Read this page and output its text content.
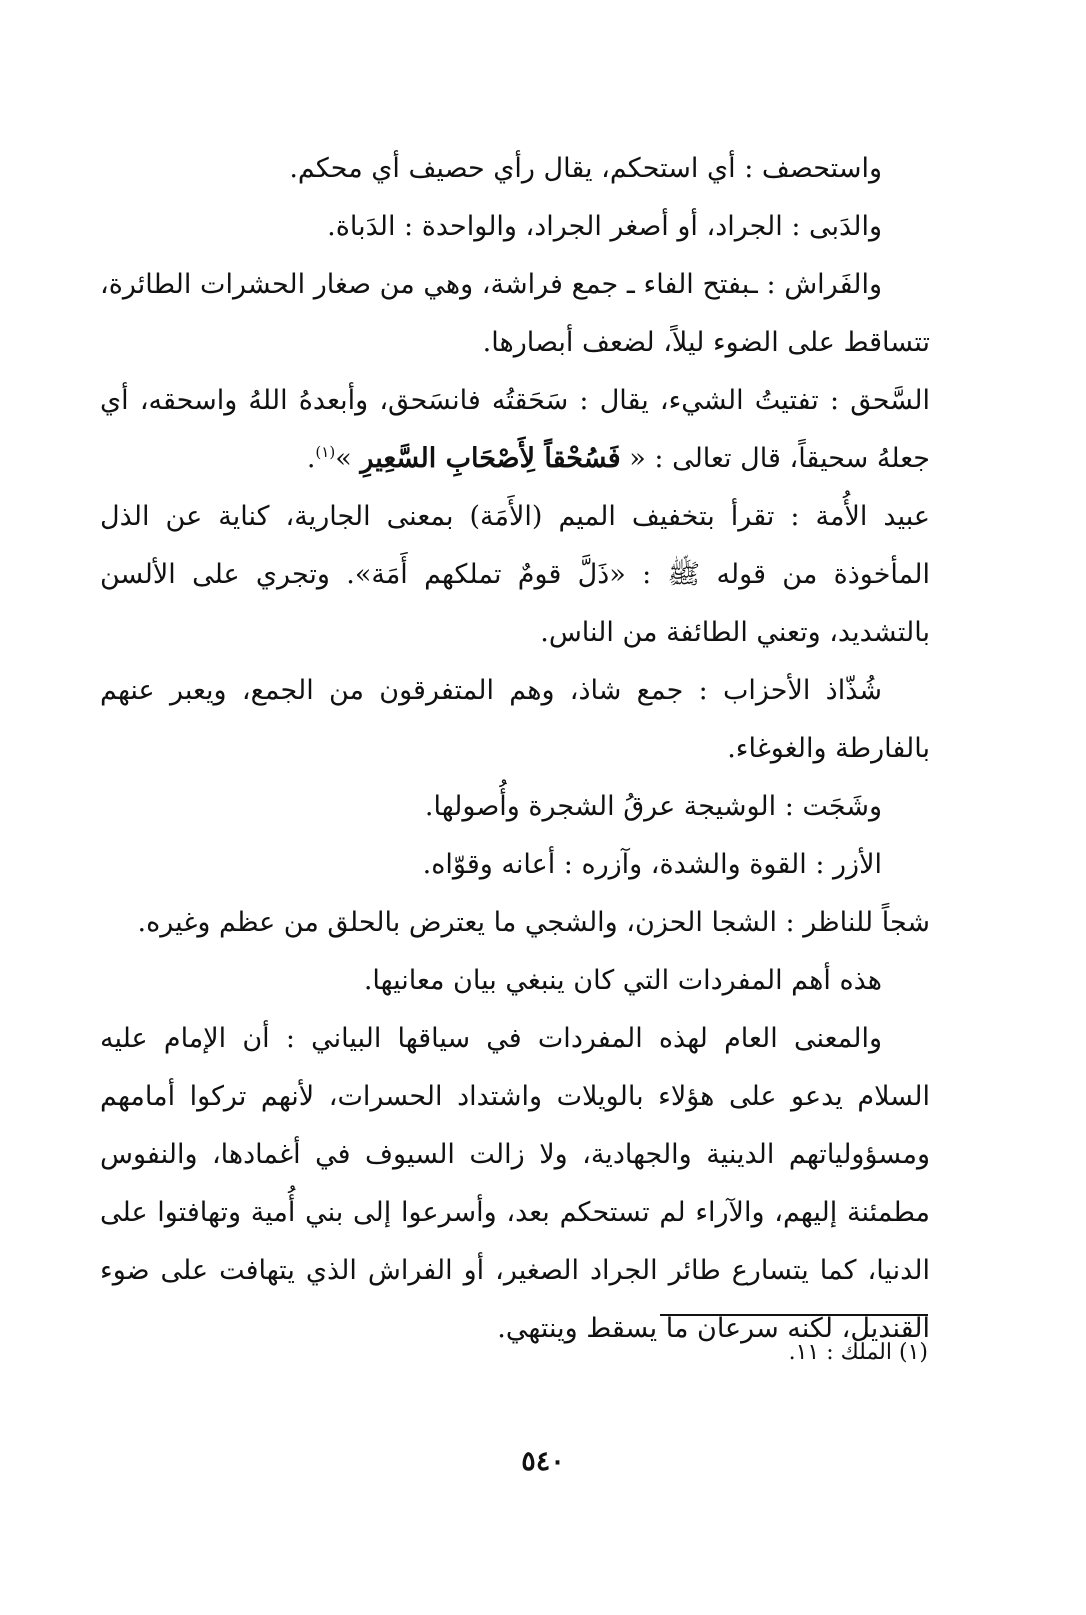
واستحصف : أي استحكم، يقال رأي حصيف أي محكم.

والدَبى : الجراد، أو أصغر الجراد، والواحدة : الدَباة.

والفَراش : ـبفتح الفاء ـ جمع فراشة، وهي من صغار الحشرات الطائرة، تتساقط على الضوء ليلاً، لضعف أبصارها.

السَّحق : تفتيتُ الشيء، يقال : سَحَقتُه فانسَحق، وأبعدهُ اللهُ واسحقه، أي جعلهُ سحيقاً، قال تعالى : « فَسُحْقاً لِأَصْحَابِ السَّعِيرِ »$^{(١)}$.

عبيد الأُمة : تقرأ بتخفيف الميم (الأَمَة) بمعنى الجارية، كناية عن الذل المأخوذة من قوله ﷺ : «ذَلَّ قومٌ تملكهم أَمَة». وتجري على الألسن بالتشديد، وتعني الطائفة من الناس.

شُذّاذ الأحزاب : جمع شاذ، وهم المتفرقون من الجمع، ويعبر عنهم بالفارطة والغوغاء.

وشَجَت : الوشيجة عرقُ الشجرة وأُصولها.

الأزر : القوة والشدة، وآزره : أعانه وقوّاه.

شجاً للناظر : الشجا الحزن، والشجي ما يعترض بالحلق من عظم وغيره.

هذه أهم المفردات التي كان ينبغي بيان معانيها.

والمعنى العام لهذه المفردات في سياقها البياني : أن الإمام عليه السلام يدعو على هؤلاء بالويلات واشتداد الحسرات، لأنهم تركوا أمامهم ومسؤولياتهم الدينية والجهادية، ولا زالت السيوف في أغمادها، والنفوس مطمئنة إليهم، والآراء لم تستحكم بعد، وأسرعوا إلى بني أُمية وتهافتوا على الدنيا، كما يتسارع طائر الجراد الصغير، أو الفراش الذي يتهافت على ضوء القنديل، لكنه سرعان ما يسقط وينتهي.

(١) الملك : ١١.
٥٤٠
